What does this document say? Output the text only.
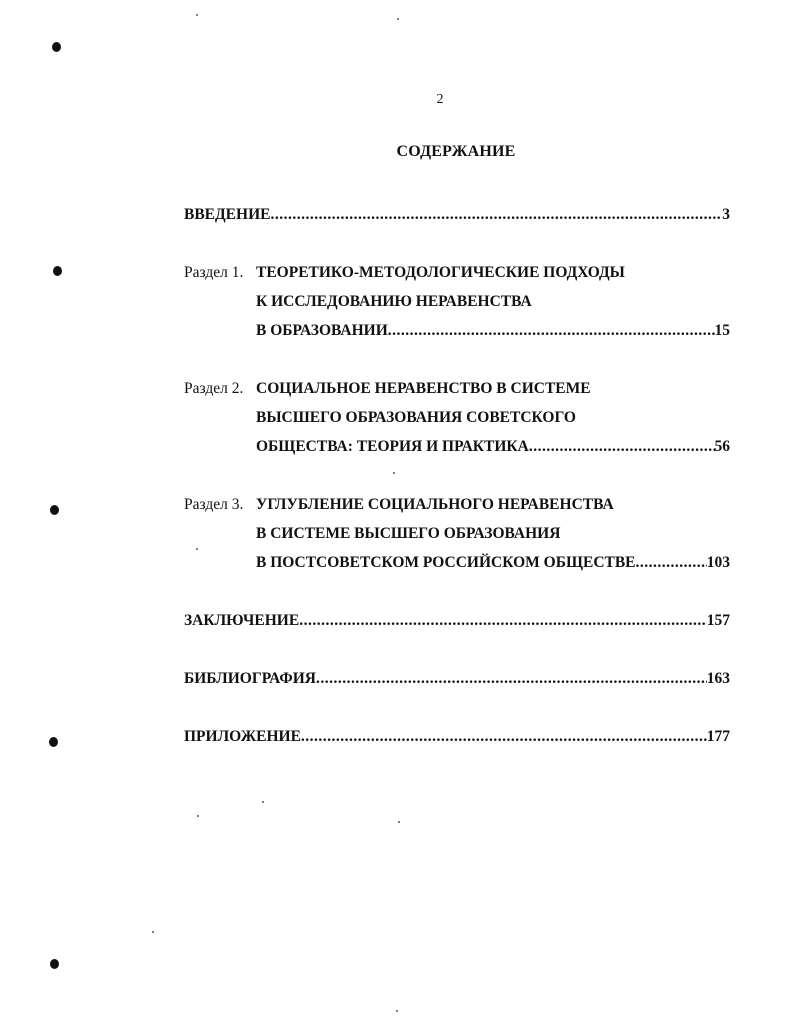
2
СОДЕРЖАНИЕ
ВВЕДЕНИЕ .....	3
Раздел 1. ТЕОРЕТИКО-МЕТОДОЛОГИЧЕСКИЕ ПОДХОДЫ
К ИССЛЕДОВАНИЮ НЕРАВЕНСТВА
В ОБРАЗОВАНИИ .....	15
Раздел 2. СОЦИАЛЬНОЕ НЕРАВЕНСТВО В СИСТЕМЕ
ВЫСШЕГО ОБРАЗОВАНИЯ СОВЕТСКОГО
ОБЩЕСТВА: ТЕОРИЯ И ПРАКТИКА .....	56
Раздел 3. УГЛУБЛЕНИЕ СОЦИАЛЬНОГО НЕРАВЕНСТВА
В СИСТЕМЕ ВЫСШЕГО ОБРАЗОВАНИЯ
В ПОСТСОВЕТСКОМ РОССИЙСКОМ ОБЩЕСТВЕ .....	103
ЗАКЛЮЧЕНИЕ .....	157
БИБЛИОГРАФИЯ .....	163
ПРИЛОЖЕНИЕ .....	177
